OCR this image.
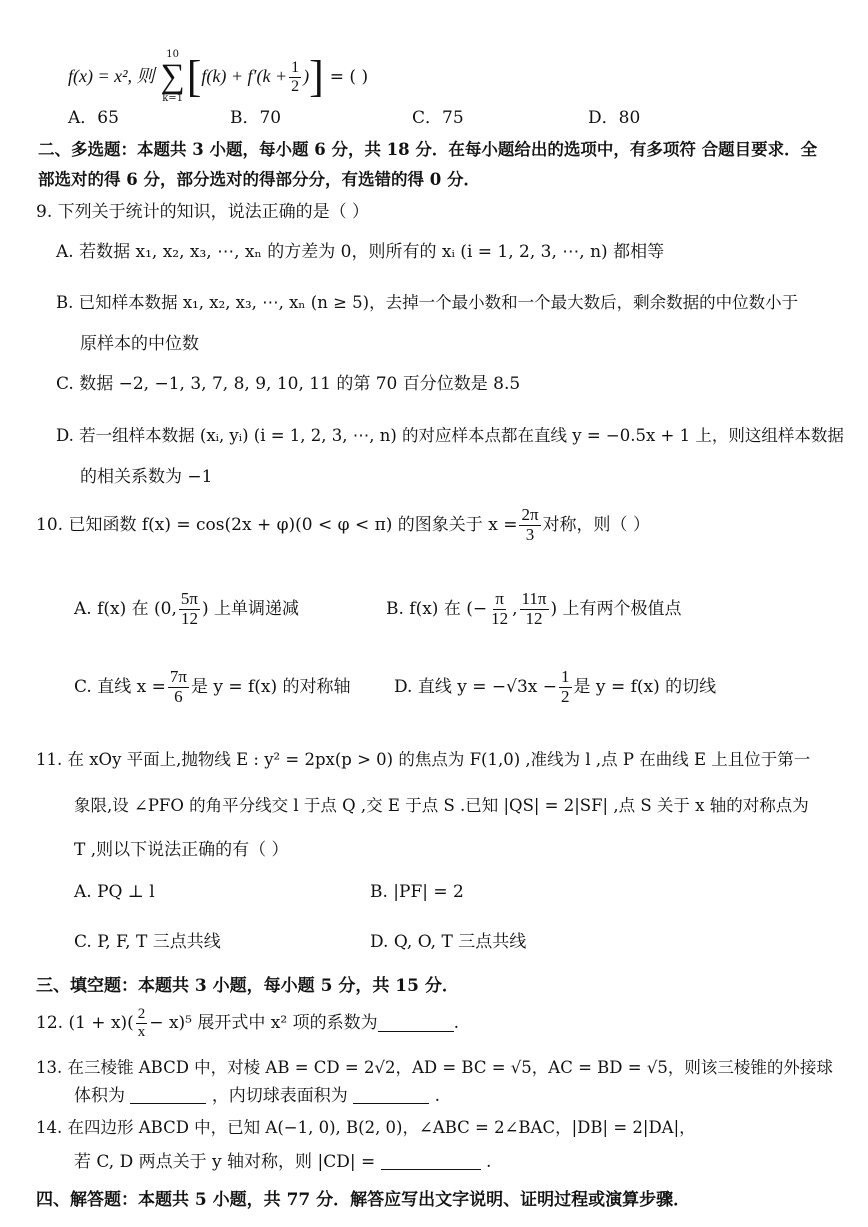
f(x) = x², 则
10
∑
k=1 [ $f(k) + f'(k + \frac{1}{2}$ ) ] = ( )
A．65	B．70	C．75	D．80
二、多选题：本题共 3 小题，每小题 6 分，共 18 分．在每小题给出的选项中，有多项符 合题目要求．全
部选对的得 6 分，部分选对的得部分分，有选错的得 0 分．
9. 下列关于统计的知识，说法正确的是（ ）
A. 若数据 x₁, x₂, x₃, ⋯, xₙ 的方差为 0，则所有的 xᵢ (i = 1, 2, 3, ⋯, n) 都相等
B. 已知样本数据 x₁, x₂, x₃, ⋯, xₙ (n ≥ 5)，去掉一个最小数和一个最大数后，剩余数据的中位数小于
原样本的中位数
C. 数据 −2, −1, 3, 7, 8, 9, 10, 11 的第 70 百分位数是 8.5
D. 若一组样本数据 (xᵢ, yᵢ) (i = 1, 2, 3, ⋯, n) 的对应样本点都在直线 y = −0.5x + 1 上，则这组样本数据
的相关系数为 −1
10. 已知函数 f(x) = cos(2x + φ)(0 < φ < π) 的图象关于 $x = \frac{2\pi}{3}$ 对称，则（ ）
A. f(x) 在 (0, $\frac{5\pi}{12}$ ) 上单调递减	B. f(x) 在 (− $\frac{\pi}{12}$ , $\frac{11\pi}{12}$ ) 上有两个极值点
C. 直线 $x = \frac{7\pi}{6}$ 是 y = f(x) 的对称轴	D. 直线 $y = -√3x - \frac{1}{2}$ 是 y = f(x) 的切线
11. 在 xOy 平面上,抛物线 E : y² = 2px(p > 0) 的焦点为 F(1,0) ,准线为 l ,点 P 在曲线 E 上且位于第一
象限,设 ∠PFO 的角平分线交 l 于点 Q ,交 E 于点 S .已知 |QS| = 2|SF| ,点 S 关于 x 轴的对称点为
T ,则以下说法正确的有（ ）
A. PQ ⊥ l	B. |PF| = 2
C. P, F, T 三点共线	D. Q, O, T 三点共线
三、填空题：本题共 3 小题，每小题 5 分，共 15 分．
12. $(1 + x)( \frac{2}{x} - x)^5$ 展开式中 x² 项的系数为	.
13. 在三棱锥 ABCD 中，对棱 AB = CD = 2√2，AD = BC = √5，AC = BD = √5，则该三棱锥的外接球
体积为	，内切球表面积为	.
14. 在四边形 ABCD 中，已知 A(−1, 0), B(2, 0)，∠ABC = 2∠BAC，|DB| = 2|DA|，
若 C, D 两点关于 y 轴对称，则 |CD| =	.
四、解答题：本题共 5 小题，共 77 分．解答应写出文字说明、证明过程或演算步骤．
